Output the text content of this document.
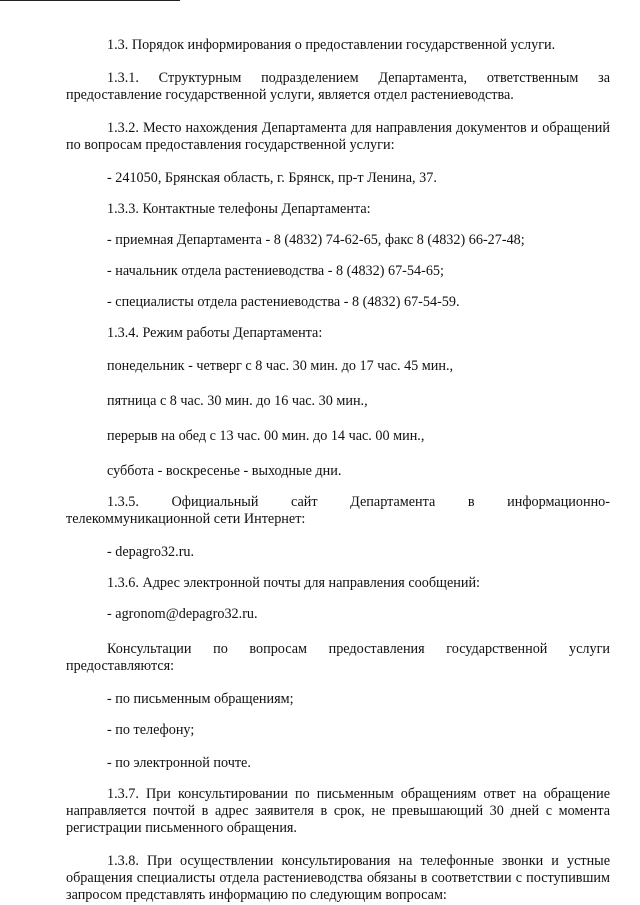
1.3. Порядок информирования о предоставлении государственной услуги.

1.3.1. Структурным подразделением Департамента, ответственным за предоставление государственной услуги, является отдел растениеводства.

1.3.2. Место нахождения Департамента для направления документов и обращений по вопросам предоставления государственной услуги:

- 241050, Брянская область, г. Брянск, пр-т Ленина, 37.

1.3.3. Контактные телефоны Департамента:

- приемная Департамента - 8 (4832) 74-62-65, факс 8 (4832) 66-27-48;

- начальник отдела растениеводства - 8 (4832) 67-54-65;

- специалисты отдела растениеводства - 8 (4832) 67-54-59.

1.3.4. Режим работы Департамента:

понедельник - четверг с 8 час. 30 мин. до 17 час. 45 мин.,

пятница с 8 час. 30 мин. до 16 час. 30 мин.,

перерыв на обед с 13 час. 00 мин. до 14 час. 00 мин.,

суббота - воскресенье - выходные дни.

1.3.5. Официальный сайт Департамента в информационно-

телекоммуникационной сети Интернет:

- depagro32.ru.

1.3.6. Адрес электронной почты для направления сообщений:

- agronom@depagro32.ru.

Консультации по вопросам предоставления государственной услуги

предоставляются:

- по письменным обращениям;

- по телефону;

- по электронной почте.

1.3.7. При консультировании по письменным обращениям ответ на обращение направляется почтой в адрес заявителя в срок, не превышающий 30 дней с момента регистрации письменного обращения.

1.3.8. При осуществлении консультирования на телефонные звонки и устные обращения специалисты отдела растениеводства обязаны в соответствии с поступившим запросом представлять информацию по следующим вопросам:
